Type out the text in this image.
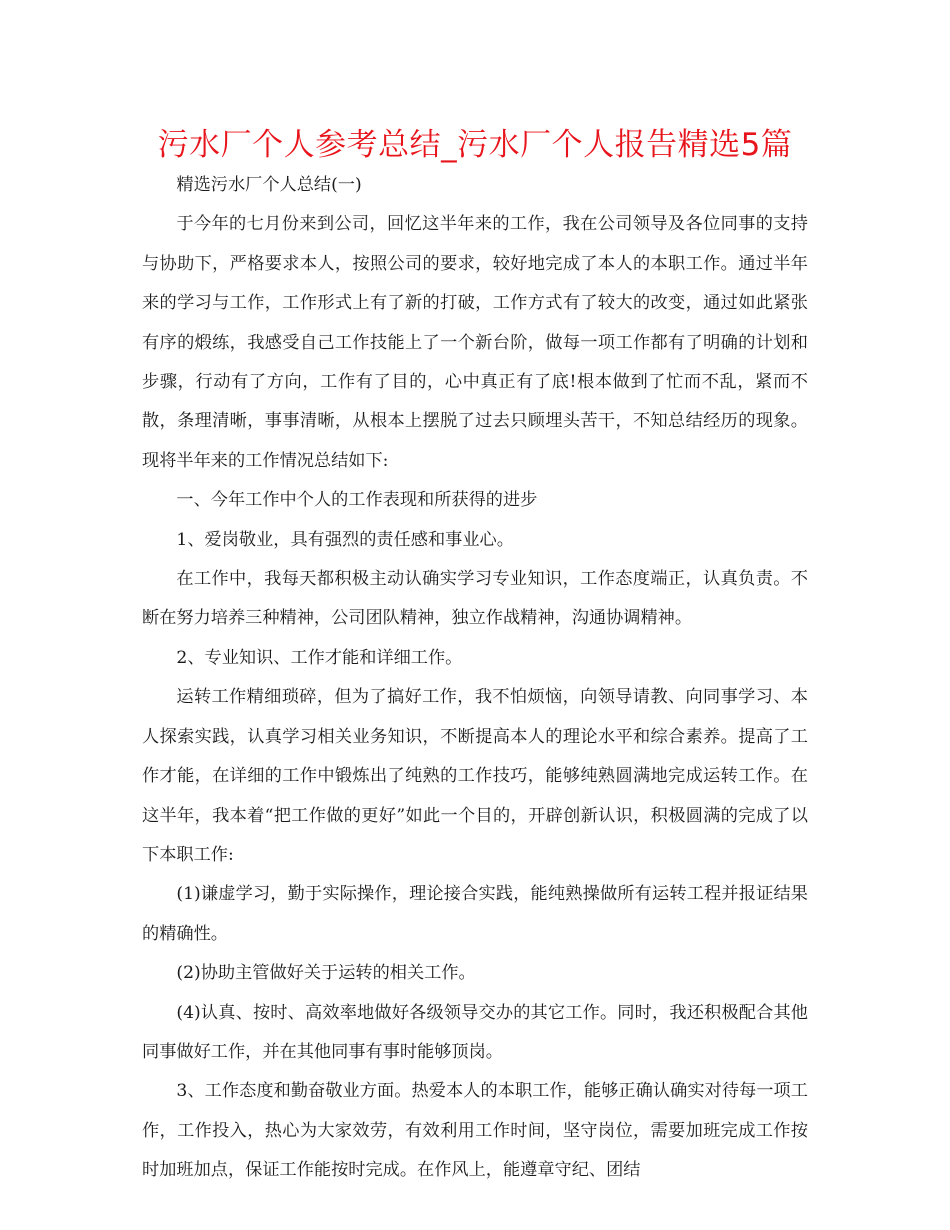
污水厂个人参考总结_污水厂个人报告精选5篇

精选污水厂个人总结(一)

于今年的七月份来到公司，回忆这半年来的工作，我在公司领导及各位同事的支持与协助下，严格要求本人，按照公司的要求，较好地完成了本人的本职工作。通过半年来的学习与工作，工作形式上有了新的打破，工作方式有了较大的改变，通过如此紧张有序的煅练，我感受自己工作技能上了一个新台阶，做每一项工作都有了明确的计划和步骤，行动有了方向，工作有了目的，心中真正有了底!根本做到了忙而不乱，紧而不散，条理清晰，事事清晰，从根本上摆脱了过去只顾埋头苦干，不知总结经历的现象。现将半年来的工作情况总结如下:

一、今年工作中个人的工作表现和所获得的进步

1、爱岗敬业，具有强烈的责任感和事业心。

在工作中，我每天都积极主动认确实学习专业知识，工作态度端正，认真负责。不断在努力培养三种精神，公司团队精神，独立作战精神，沟通协调精神。

2、专业知识、工作才能和详细工作。

运转工作精细琐碎，但为了搞好工作，我不怕烦恼，向领导请教、向同事学习、本人探索实践，认真学习相关业务知识，不断提高本人的理论水平和综合素养。提高了工作才能，在详细的工作中锻炼出了纯熟的工作技巧，能够纯熟圆满地完成运转工作。在这半年，我本着“把工作做的更好”如此一个目的，开辟创新认识，积极圆满的完成了以下本职工作:

(1)谦虚学习，勤于实际操作，理论接合实践，能纯熟操做所有运转工程并报证结果的精确性。

(2)协助主管做好关于运转的相关工作。

(4)认真、按时、高效率地做好各级领导交办的其它工作。同时，我还积极配合其他同事做好工作，并在其他同事有事时能够顶岗。

3、工作态度和勤奋敬业方面。热爱本人的本职工作，能够正确认确实对待每一项工作，工作投入，热心为大家效劳，有效利用工作时间，坚守岗位，需要加班完成工作按时加班加点，保证工作能按时完成。在作风上，能遵章守纪、团结
